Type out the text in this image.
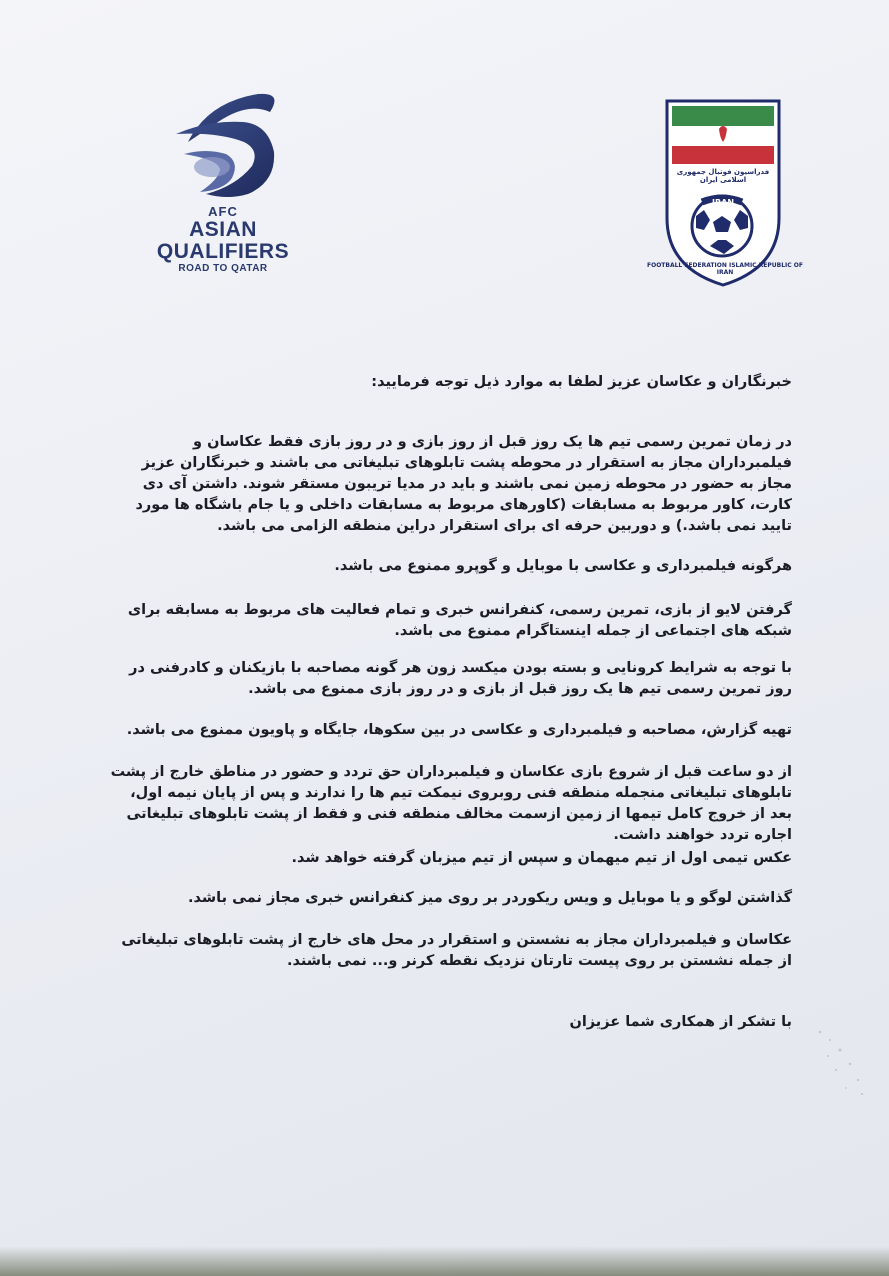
AFC
ASIAN
QUALIFIERS
ROAD TO QATAR
فدراسیون فوتبال جمهوری اسلامی ایران
IRAN
FOOTBALL FEDERATION ISLAMIC REPUBLIC OF IRAN
خبرنگاران و عکاسان عزیز لطفا به موارد ذیل توجه فرمایید:
در زمان تمرین رسمی تیم ها یک روز قبل از روز بازی و در روز بازی فقط عکاسان و فیلمبرداران مجاز به استقرار در محوطه پشت تابلوهای تبلیغاتی می باشند و خبرنگاران عزیز مجاز به حضور در محوطه زمین نمی باشند و باید در مدیا تریبون مستقر شوند. داشتن آی دی کارت، کاور مربوط به مسابقات (کاورهای مربوط به مسابقات داخلی و یا جام باشگاه ها مورد تایید نمی باشد.) و دوربین حرفه ای برای استقرار دراین منطقه الزامی می باشد.
هرگونه فیلمبرداری و عکاسی با موبایل و گوپرو ممنوع می باشد.
گرفتن لایو از بازی، تمرین رسمی، کنفرانس خبری و تمام فعالیت های مربوط به مسابقه برای شبکه های اجتماعی از جمله اینستاگرام ممنوع می باشد.
با توجه به شرایط کرونایی و بسته بودن میکسد زون هر گونه مصاحبه با بازیکنان و کادرفنی در روز تمرین رسمی تیم ها یک روز قبل از بازی و در روز بازی ممنوع می باشد.
تهیه گزارش، مصاحبه و فیلمبرداری و عکاسی در بین سکوها، جایگاه و پاویون ممنوع می باشد.
از دو ساعت قبل از شروع بازی عکاسان و فیلمبرداران حق تردد و حضور در مناطق خارج از پشت تابلوهای تبلیغاتی منجمله منطقه فنی روبروی نیمکت تیم ها را ندارند و پس از پایان نیمه اول، بعد از خروج کامل تیمها از زمین ازسمت مخالف منطقه فنی و فقط از پشت تابلوهای تبلیغاتی اجاره تردد خواهند داشت.
عکس تیمی اول از تیم میهمان و سپس از تیم میزبان گرفته خواهد شد.
گذاشتن لوگو و یا موبایل و ویس ریکوردر بر روی میز کنفرانس خبری مجاز نمی باشد.
عکاسان و فیلمبرداران مجاز به نشستن و استقرار در محل های خارج از پشت تابلوهای تبلیغاتی از جمله نشستن بر روی پیست تارتان نزدیک نقطه کرنر و... نمی باشند.
با تشکر از همکاری شما عزیزان
